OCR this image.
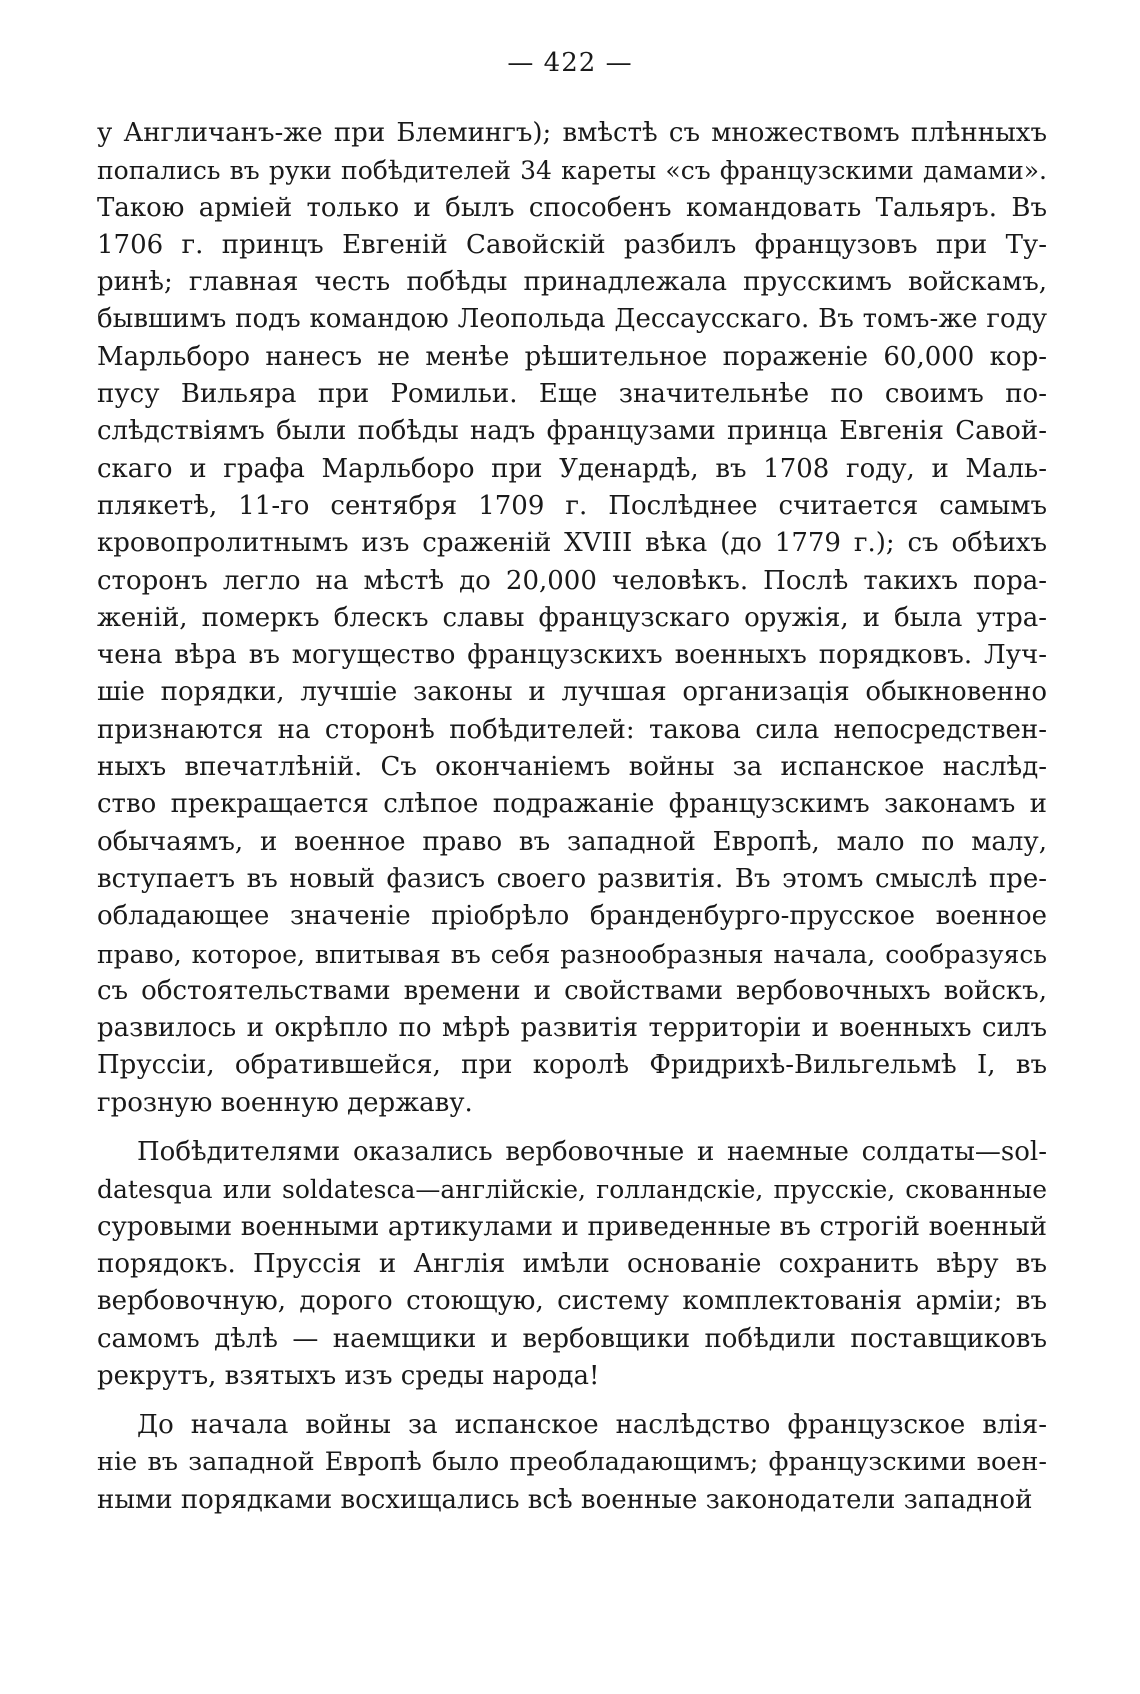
— 422 —
у Англичанъ-же при Блемингъ); вмѣстѣ съ множествомъ плѣнныхъ
попались въ руки побѣдителей 34 кареты «съ французскими дамами».
Такою арміей только и былъ способенъ командовать Тальяръ. Въ
1706 г. принцъ Евгеній Савойскій разбилъ французовъ при Ту-
ринѣ; главная честь побѣды принадлежала прусскимъ войскамъ,
бывшимъ подъ командою Леопольда Дессаусскаго. Въ томъ-же году
Марльборо нанесъ не менѣе рѣшительное пораженіе 60,000 кор-
пусу Вильяра при Ромильи. Еще значительнѣе по своимъ по-
слѣдствіямъ были побѣды надъ французами принца Евгенія Савой-
скаго и графа Марльборо при Уденардѣ, въ 1708 году, и Маль-
плякетѣ, 11-го сентября 1709 г. Послѣднее считается самымъ
кровопролитнымъ изъ сраженій XVIII вѣка (до 1779 г.); съ обѣихъ
сторонъ легло на мѣстѣ до 20,000 человѣкъ. Послѣ такихъ пора-
женій, померкъ блескъ славы французскаго оружія, и была утра-
чена вѣра въ могущество французскихъ военныхъ порядковъ. Луч-
шіе порядки, лучшіе законы и лучшая организація обыкновенно
признаются на сторонѣ побѣдителей: такова сила непосредствен-
ныхъ впечатлѣній. Съ окончаніемъ войны за испанское наслѣд-
ство прекращается слѣпое подражаніе французскимъ законамъ и
обычаямъ, и военное право въ западной Европѣ, мало по малу,
вступаетъ въ новый фазисъ своего развитія. Въ этомъ смыслѣ пре-
обладающее значеніе пріобрѣло бранденбурго-прусское военное
право, которое, впитывая въ себя разнообразныя начала, сообразуясь
съ обстоятельствами времени и свойствами вербовочныхъ войскъ,
развилось и окрѣпло по мѣрѣ развитія территоріи и военныхъ силъ
Пруссіи, обратившейся, при королѣ Фридрихѣ-Вильгельмѣ I, въ
грозную военную державу.
Побѣдителями оказались вербовочные и наемные солдаты—sol-
datesqua или soldatesca—англійскіе, голландскіе, прусскіе, скованные
суровыми военными артикулами и приведенные въ строгій военный
порядокъ. Пруссія и Англія имѣли основаніе сохранить вѣру въ
вербовочную, дорого стоющую, систему комплектованія арміи; въ
самомъ дѣлѣ — наемщики и вербовщики побѣдили поставщиковъ
рекрутъ, взятыхъ изъ среды народа!
До начала войны за испанское наслѣдство французское влія-
ніе въ западной Европѣ было преобладающимъ; французскими воен-
ными порядками восхищались всѣ военные законодатели западной
